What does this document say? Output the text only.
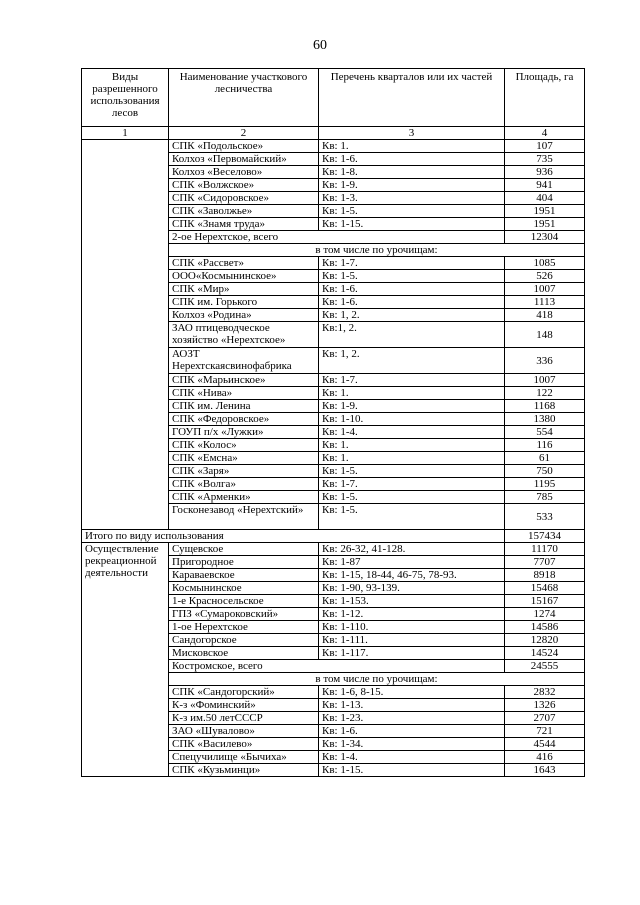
60
Виды разрешенного использования лесов	Наименование участкового лесничества	Перечень кварталов или их частей	Площадь, га
1	2	3	4
	СПК «Подольское»	Кв: 1.	107
	Колхоз «Первомайский»	Кв: 1-6.	735
	Колхоз «Веселово»	Кв: 1-8.	936
	СПК «Волжское»	Кв: 1-9.	941
	СПК «Сидоровское»	Кв: 1-3.	404
	СПК «Заволжье»	Кв: 1-5.	1951
	СПК «Знамя труда»	Кв: 1-15.	1951
	2-ое Нерехтское, всего		12304
	в том числе по урочищам:		
	СПК «Рассвет»	Кв: 1-7.	1085
	ООО«Космынинское»	Кв: 1-5.	526
	СПК «Мир»	Кв: 1-6.	1007
	СПК им. Горького	Кв: 1-6.	1113
	Колхоз «Родина»	Кв: 1, 2.	418
	ЗАО птицеводческое хозяйство «Нерехтское»	Кв:1, 2.	148
	АОЗТ Нерехтскаясвинофабрика	Кв: 1, 2.	336
	СПК «Марьинское»	Кв: 1-7.	1007
	СПК «Нива»	Кв: 1.	122
	СПК им. Ленина	Кв: 1-9.	1168
	СПК «Федоровское»	Кв: 1-10.	1380
	ГОУП п/х «Лужки»	Кв: 1-4.	554
	СПК «Колос»	Кв: 1.	116
	СПК «Емсна»	Кв: 1.	61
	СПК «Заря»	Кв: 1-5.	750
	СПК «Волга»	Кв: 1-7.	1195
	СПК «Арменки»	Кв: 1-5.	785
	Госконезавод «Нерехтский»	Кв: 1-5.	533
Итого по виду использования			157434
Осуществление рекреационной деятельности	Сущевское	Кв: 26-32, 41-128.	11170
	Пригородное	Кв: 1-87	7707
	Караваевское	Кв: 1-15, 18-44, 46-75, 78-93.	8918
	Космынинское	Кв: 1-90, 93-139.	15468
	1-е Красносельское	Кв: 1-153.	15167
	ГПЗ «Сумароковский»	Кв: 1-12.	1274
	1-ое Нерехтское	Кв: 1-110.	14586
	Сандогорское	Кв: 1-111.	12820
	Мисковское	Кв: 1-117.	14524
	Костромское, всего		24555
	в том числе по урочищам:		
	СПК «Сандогорский»	Кв: 1-6, 8-15.	2832
	К-з «Фоминский»	Кв: 1-13.	1326
	К-з им.50 летСССР	Кв: 1-23.	2707
	ЗАО «Шувалово»	Кв: 1-6.	721
	СПК «Василево»	Кв: 1-34.	4544
	Спецучилище «Бычиха»	Кв: 1-4.	416
	СПК «Кузьминци»	Кв: 1-15.	1643
